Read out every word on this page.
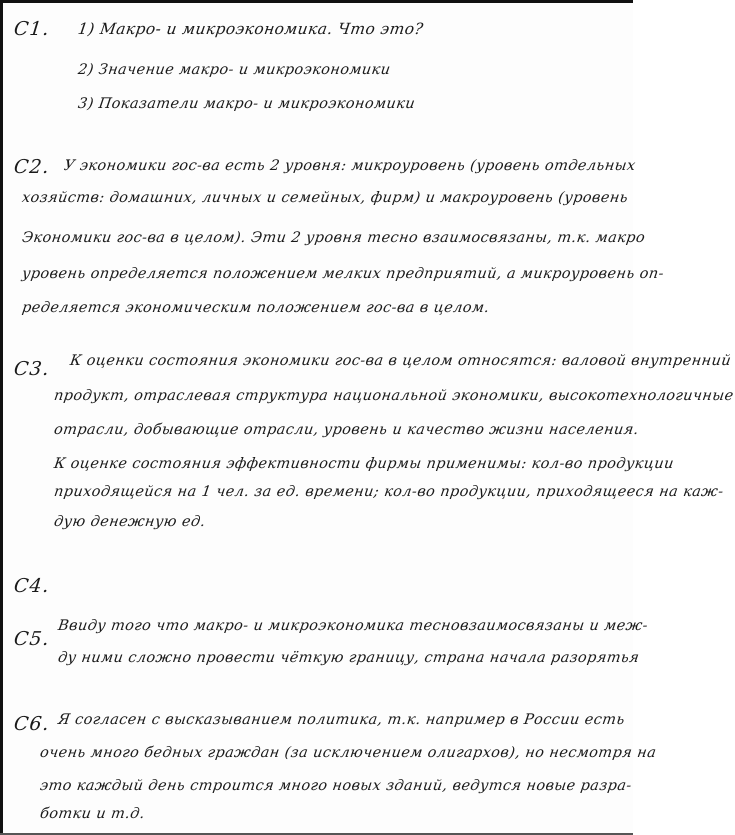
С1. 1) Макро- и микроэкономика. Что это?
2) Значение макро- и микроэкономики
3) Показатели макро- и микроэкономики
С2. У экономики гос-ва есть 2 уровня: микроуровень (уровень отдельных
хозяйств: домашних, личных и семейных, фирм) и макроуровень (уровень
Экономики гос-ва в целом). Эти 2 уровня тесно взаимосвязаны, т.к. макро
уровень определяется положением мелких предприятий, а микроуровень оп-
ределяется экономическим положением гос-ва в целом.
С3. К оценки состояния экономики гос-ва в целом относятся: валовой внутренний
продукт, отраслевая структура национальной экономики, высокотехнологичные
отрасли, добывающие отрасли, уровень и качество жизни населения.
К оценке состояния эффективности фирмы применимы: кол-во продукции
приходящейся на 1 чел. за ед. времени; кол-во продукции, приходящееся на каж-
дую денежную ед.
С4.
С5.
Ввиду того что макро- и микроэкономика тесновзаимосвязаны и меж-
ду ними сложно провести чёткую границу, страна начала разорятья
С6. Я согласен с высказыванием политика, т.к. например в России есть
очень много бедных граждан (за исключением олигархов), но несмотря на
это каждый день строится много новых зданий, ведутся новые разра-
ботки и т.д.
